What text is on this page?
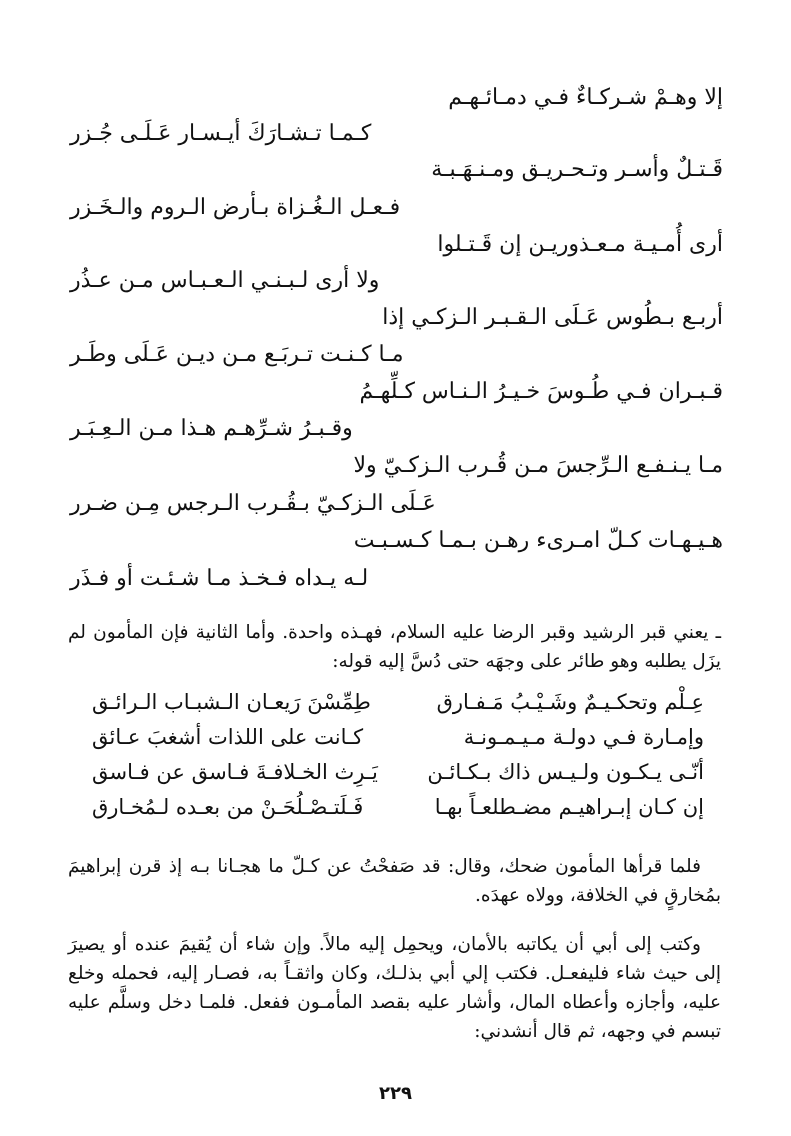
إلا وهـمْ شـركـاءٌ فـي دمـائـهـم
كـمـا تـشـارَكَ أيـسـار عَـلَـى جُـزر
قَـتـلٌ وأسـر وتـحـريـق ومـنـهَـبـة
فـعـل الـغُـزاة بـأرض الـروم والـخَـزر
أرى أُمـيـة مـعـذوريـن إن قَـتـلوا
ولا أرى لـبـنـي الـعـبـاس مـن عـذُر
أربـع بـطُوس عَـلَى الـقـبـر الـزكـي إذا
مـا كـنـت تـربَـع مـن ديـن عَـلَى وطَـر
قـبـران فـي طُـوسَ خـيـرُ الـنـاس كـلِّهـمُ
وقـبـرُ شـرِّهـم هـذا مـن الـعِـبَـر
مـا يـنـفـع الـرِّجسَ مـن قُـرب الـزكـيّ ولا
عَـلَى الـزكـيّ بـقُـرب الـرجس مِـن ضـرر
هـيـهـات كـلّ امـرىء رهـن بـمـا كـسـبـت
لـه يـداه فـخـذ مـا شـئـت أو فـذَر

ـ يعني قبر الرشيد وقبر الرضا عليه السلام، فهـذه واحدة. وأما الثانية فإن المأمون لم يزَل يطلبه وهو طائر على وجهَه حتى دُسَّ إليه قوله:

عِـلْم وتحكـيـمٌ وشَـيْـبُ مَـفـارق
طِمِّسْنَ رَيعـان الـشبـاب الـرائـق
وإمـارة فـي دولـة مـيـمـونـة
كـانت على اللذات أشغبَ عـائق
أنّـى يـكـون ولـيـس ذاك بـكـائـن
يَـرِث الخـلافـةَ فـاسق عن فـاسق
إن كـان إبـراهيـم مضـطلعـاً بهـا
فَـلَتـصْـلُحَـنْ من بعـده لـمُخـارق

فلما قرأها المأمون ضحك، وقال: قد صَفحْتُ عن كـلّ ما هجـانا بـه إذ قرن إبراهيمَ بمُخارقٍ في الخلافة، وولاه عهدَه.

وكتب إلى أبي أن يكاتبه بالأمان، ويحمِل إليه مالاً. وإن شاء أن يُقيمَ عنده أو يصيرَ إلى حيث شاء فليفعـل. فكتب إلي أبي بذلـك، وكان واثقـاً به، فصـار إليه، فحمله وخلع عليه، وأجازه وأعطاه المال، وأشار عليه بقصد المأمـون ففعل. فلمـا دخل وسلَّم عليه تبسم في وجهه، ثم قال أنشدني:

٢٢٩
